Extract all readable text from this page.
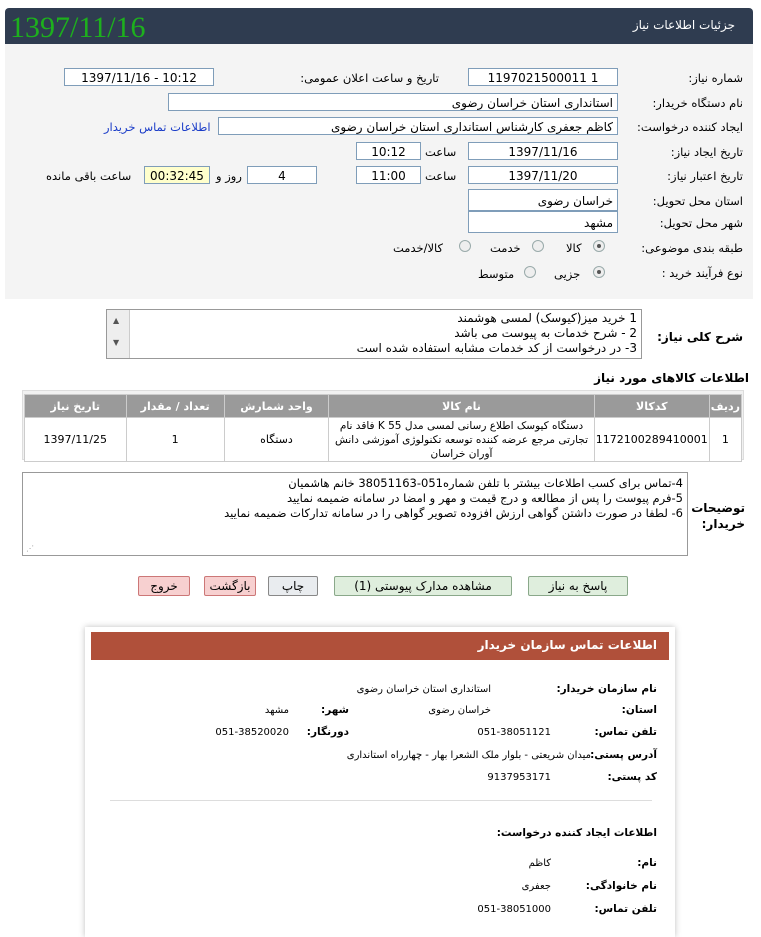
جزئیات اطلاعات نیاز
1397/11/16
شماره نیاز:
1197021500011 1
تاریخ و ساعت اعلان عمومی:
1397/11/16 - 10:12
نام دستگاه خریدار:
استانداری استان خراسان رضوی
ایجاد کننده درخواست:
کاظم جعفری کارشناس استانداری استان خراسان رضوی
اطلاعات تماس خریدار
تاریخ ایجاد نیاز:
1397/11/16
ساعت
10:12
تاریخ اعتبار نیاز:
1397/11/20
ساعت
11:00
4
روز و
00:32:45
ساعت باقی مانده
استان محل تحویل:
خراسان رضوی
شهر محل تحویل:
مشهد
طبقه بندی موضوعی:
کالا
خدمت
کالا/خدمت
نوع فرآیند خرید :
جزیی
متوسط
شرح کلی نیاز:
▲
▼
1 خرید میز(کیوسک) لمسی هوشمند
2 - شرح خدمات به پیوست می باشد
3- در درخواست از کد خدمات مشابه استفاده شده است
اطلاعات کالاهای مورد نیاز
ردیف	کدکالا	نام کالا	واحد شمارش	تعداد / مقدار	تاریخ نیاز
1	1172100289410001	دستگاه کیوسک اطلاع رسانی لمسی مدل K 55 فاقد نام تجارتی مرجع عرضه کننده توسعه تکنولوژی آموزشی دانش آوران خراسان	دستگاه	1	1397/11/25
توضیحات خریدار:
4-تماس برای کسب اطلاعات بیشتر با تلفن شماره051-38051163 خانم هاشمیان
5-فرم پیوست را پس از مطالعه و درج قیمت و مهر و امضا در سامانه ضمیمه نمایید
6- لطفا در صورت داشتن گواهی ارزش افزوده تصویر گواهی را در سامانه تدارکات ضمیمه نمایید
⋰
پاسخ به نیاز
مشاهده مدارک پیوستی (1)
چاپ
بازگشت
خروج
اطلاعات تماس سازمان خریدار
نام سازمان خریدار:
استانداری استان خراسان رضوی
استان:
خراسان رضوی
شهر:
مشهد
تلفن تماس:
051-38051121
دورنگار:
051-38520020
آدرس پستی:
میدان شریعتی - بلوار ملک الشعرا بهار - چهارراه استانداری
کد پستی:
9137953171
اطلاعات ایجاد کننده درخواست:
نام:
کاظم
نام خانوادگی:
جعفری
تلفن تماس:
051-38051000
